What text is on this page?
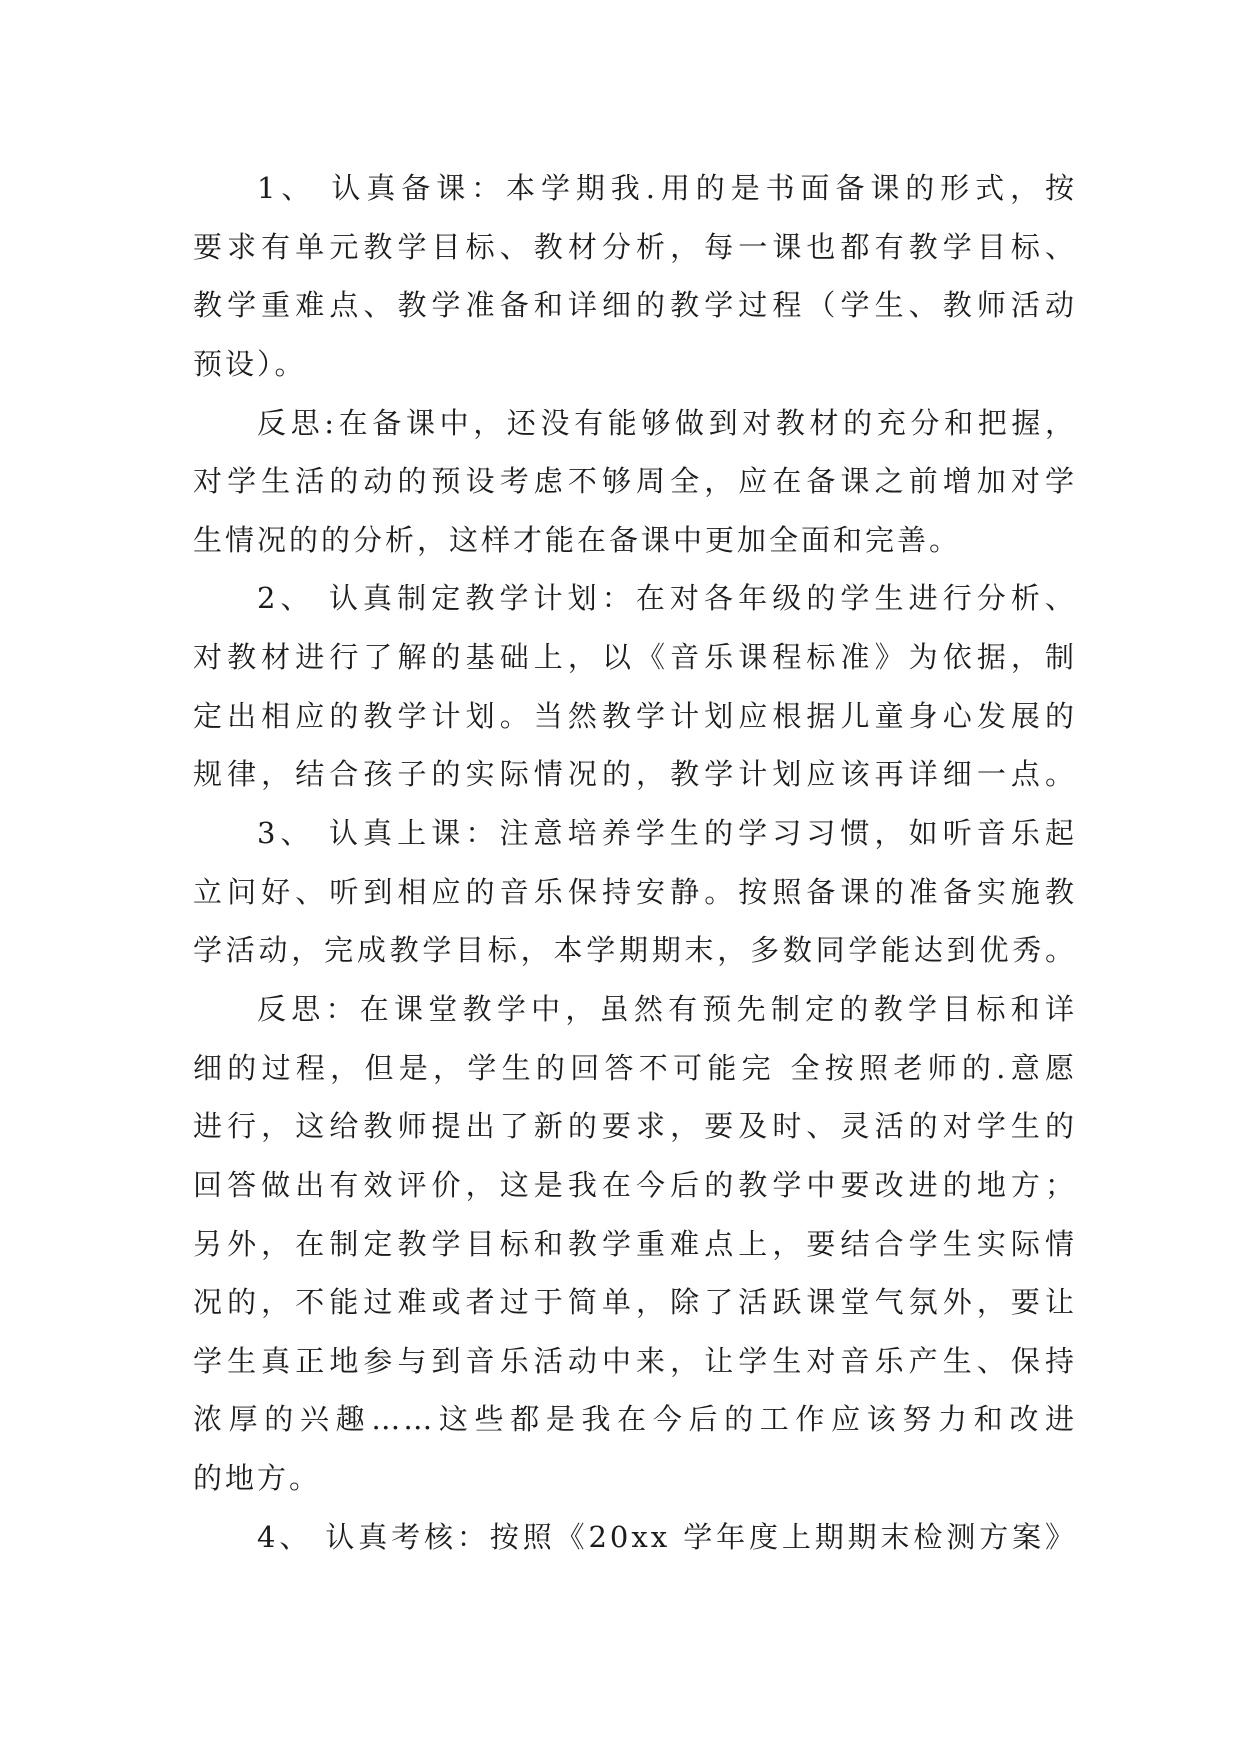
1、 认真备课：本学期我.用的是书面备课的形式，按
要求有单元教学目标、教材分析，每一课也都有教学目标、
教学重难点、教学准备和详细的教学过程（学生、教师活动
预设）。
反思:在备课中，还没有能够做到对教材的充分和把握，
对学生活的动的预设考虑不够周全，应在备课之前增加对学
生情况的的分析，这样才能在备课中更加全面和完善。
2、 认真制定教学计划：在对各年级的学生进行分析、
对教材进行了解的基础上，以《音乐课程标准》为依据，制
定出相应的教学计划。当然教学计划应根据儿童身心发展的
规律，结合孩子的实际情况的，教学计划应该再详细一点。
3、 认真上课：注意培养学生的学习习惯，如听音乐起
立问好、听到相应的音乐保持安静。按照备课的准备实施教
学活动，完成教学目标，本学期期末，多数同学能达到优秀。
反思：在课堂教学中，虽然有预先制定的教学目标和详
细的过程，但是，学生的回答不可能完 全按照老师的.意愿
进行，这给教师提出了新的要求，要及时、灵活的对学生的
回答做出有效评价，这是我在今后的教学中要改进的地方；
另外，在制定教学目标和教学重难点上，要结合学生实际情
况的，不能过难或者过于简单，除了活跃课堂气氛外，要让
学生真正地参与到音乐活动中来，让学生对音乐产生、保持
浓厚的兴趣……这些都是我在今后的工作应该努力和改进
的地方。
4、 认真考核：按照《20xx 学年度上期期末检测方案》
